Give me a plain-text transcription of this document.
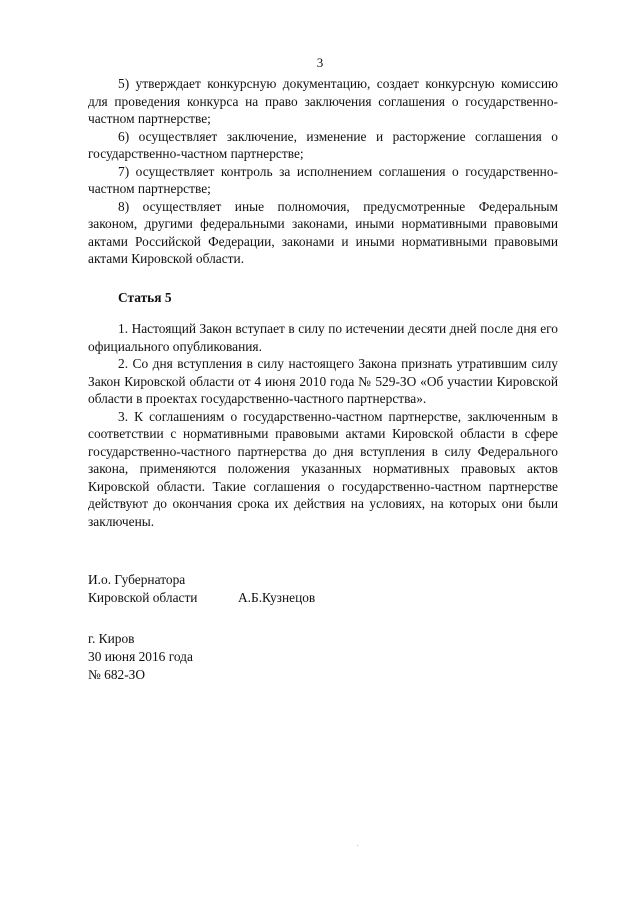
3

5) утверждает конкурсную документацию, создает конкурсную комиссию для проведения конкурса на право заключения соглашения о государственно-частном партнерстве;

6) осуществляет заключение, изменение и расторжение соглашения о государственно-частном партнерстве;

7) осуществляет контроль за исполнением соглашения о государственно-частном партнерстве;

8) осуществляет иные полномочия, предусмотренные Федеральным законом, другими федеральными законами, иными нормативными правовыми актами Российской Федерации, законами и иными нормативными правовыми актами Кировской области.

Статья 5

1. Настоящий Закон вступает в силу по истечении десяти дней после дня его официального опубликования.

2. Со дня вступления в силу настоящего Закона признать утратившим силу Закон Кировской области от 4 июня 2010 года № 529-ЗО «Об участии Кировской области в проектах государственно-частного партнерства».

3. К соглашениям о государственно-частном партнерстве, заключенным в соответствии с нормативными правовыми актами Кировской области в сфере государственно-частного партнерства до дня вступления в силу Федерального закона, применяются положения указанных нормативных правовых актов Кировской области. Такие соглашения о государственно-частном партнерстве действуют до окончания срока их действия на условиях, на которых они были заключены.

И.о. Губернатора
Кировской области	А.Б.Кузнецов
г. Киров
30 июня 2016 года
№ 682-ЗО
